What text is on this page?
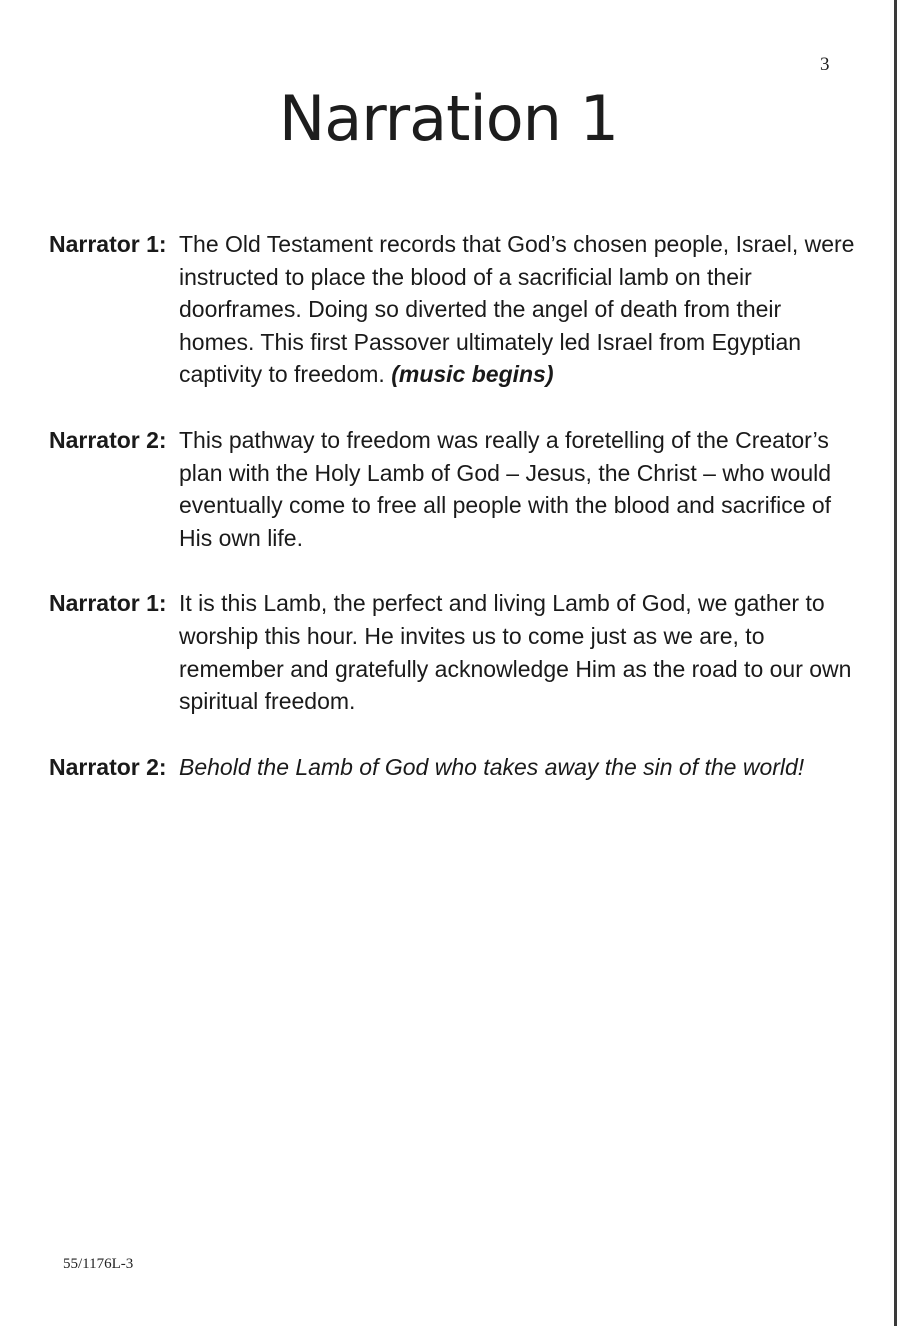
3
Narration 1
Narrator 1: The Old Testament records that God’s chosen people, Israel, were instructed to place the blood of a sacrificial lamb on their doorframes. Doing so diverted the angel of death from their homes. This first Passover ultimately led Israel from Egyptian captivity to freedom. (music begins)
Narrator 2: This pathway to freedom was really a foretelling of the Creator’s plan with the Holy Lamb of God – Jesus, the Christ – who would eventually come to free all people with the blood and sacrifice of His own life.
Narrator 1: It is this Lamb, the perfect and living Lamb of God, we gather to worship this hour. He invites us to come just as we are, to remember and gratefully acknowledge Him as the road to our own spiritual freedom.
Narrator 2: Behold the Lamb of God who takes away the sin of the world!
55/1176L-3
